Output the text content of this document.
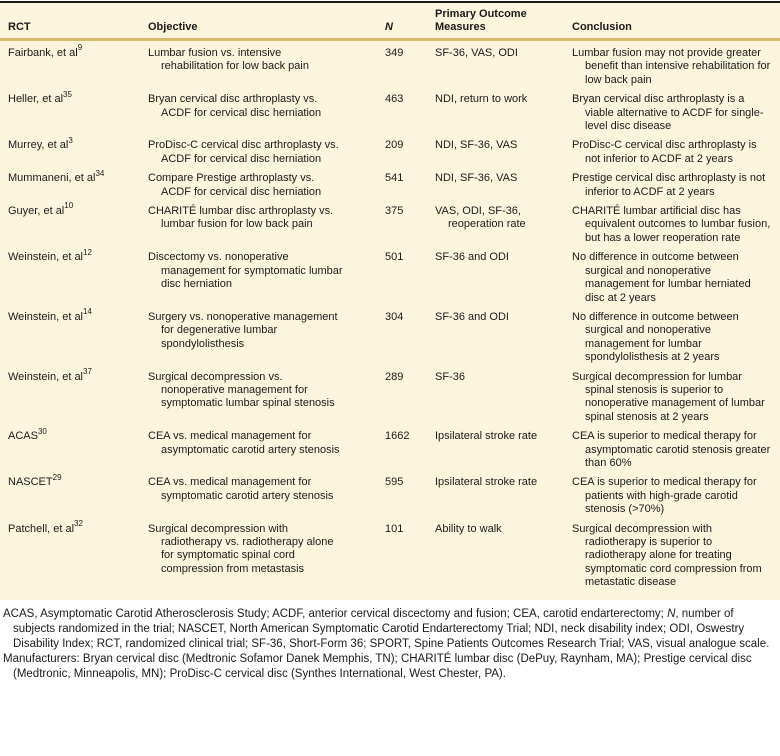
RCT	Objective	N	Primary Outcome Measures	Conclusion
Fairbank, et al$^9$	Lumbar fusion vs. intensive rehabilitation for low back pain	349	SF-36, VAS, ODI	Lumbar fusion may not provide greater benefit than intensive rehabilitation for low back pain

Heller, et al$^{35}$	Bryan cervical disc arthroplasty vs. ACDF for cervical disc herniation	463	NDI, return to work	Bryan cervical disc arthroplasty is a viable alternative to ACDF for single-level disc disease

Murrey, et al$^3$	ProDisc-C cervical disc arthroplasty vs. ACDF for cervical disc herniation	209	NDI, SF-36, VAS	ProDisc-C cervical disc arthroplasty is not inferior to ACDF at 2 years

Mummaneni, et al$^{34}$	Compare Prestige arthroplasty vs. ACDF for cervical disc herniation	541	NDI, SF-36, VAS	Prestige cervical disc arthroplasty is not inferior to ACDF at 2 years

Guyer, et al$^{10}$	CHARITÉ lumbar disc arthroplasty vs. lumbar fusion for low back pain	375	VAS, ODI, SF-36, reoperation rate	CHARITÉ lumbar artificial disc has equivalent outcomes to lumbar fusion, but has a lower reoperation rate

Weinstein, et al$^{12}$	Discectomy vs. nonoperative management for symptomatic lumbar disc herniation	501	SF-36 and ODI	No difference in outcome between surgical and nonoperative management for lumbar herniated disc at 2 years

Weinstein, et al$^{14}$	Surgery vs. nonoperative management for degenerative lumbar spondylolisthesis	304	SF-36 and ODI	No difference in outcome between surgical and nonoperative management for lumbar spondylolisthesis at 2 years

Weinstein, et al$^{37}$	Surgical decompression vs. nonoperative management for symptomatic lumbar spinal stenosis	289	SF-36	Surgical decompression for lumbar spinal stenosis is superior to nonoperative management of lumbar spinal stenosis at 2 years

ACAS$^{30}$	CEA vs. medical management for asymptomatic carotid artery stenosis	1662	Ipsilateral stroke rate	CEA is superior to medical therapy for asymptomatic carotid stenosis greater than 60%

NASCET$^{29}$	CEA vs. medical management for symptomatic carotid artery stenosis	595	Ipsilateral stroke rate	CEA is superior to medical therapy for patients with high-grade carotid stenosis (>70%)

Patchell, et al$^{32}$	Surgical decompression with radiotherapy vs. radiotherapy alone for symptomatic spinal cord compression from metastasis	101	Ability to walk	Surgical decompression with radiotherapy is superior to radiotherapy alone for treating symptomatic cord compression from metastatic disease

ACAS, Asymptomatic Carotid Atherosclerosis Study; ACDF, anterior cervical discectomy and fusion; CEA, carotid endarterectomy; N, number of subjects randomized in the trial; NASCET, North American Symptomatic Carotid Endarterectomy Trial; NDI, neck disability index; ODI, Oswestry Disability Index; RCT, randomized clinical trial; SF-36, Short-Form 36; SPORT, Spine Patients Outcomes Research Trial; VAS, visual analogue scale.

Manufacturers: Bryan cervical disc (Medtronic Sofamor Danek Memphis, TN); CHARITÉ lumbar disc (DePuy, Raynham, MA); Prestige cervical disc (Medtronic, Minneapolis, MN); ProDisc-C cervical disc (Synthes International, West Chester, PA).
